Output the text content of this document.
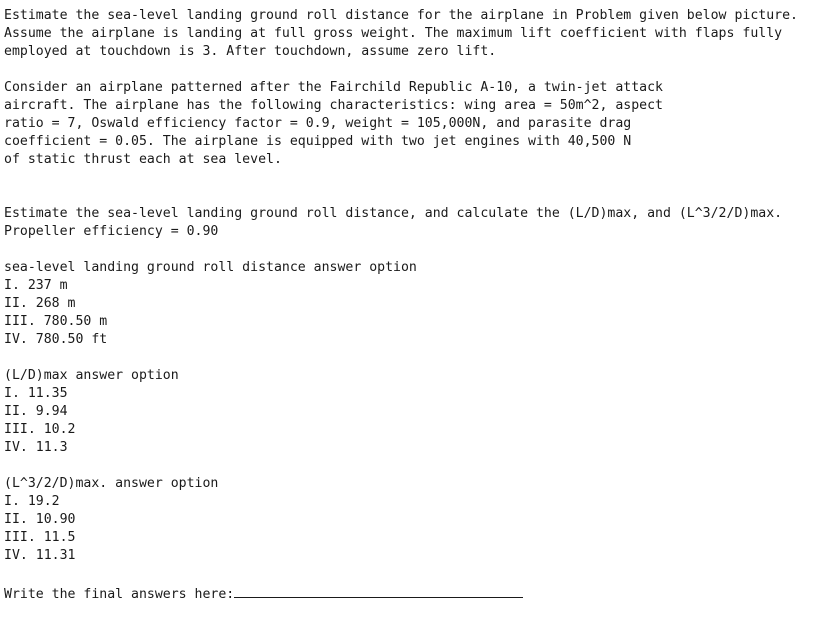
Estimate the sea-level landing ground roll distance for the airplane in Problem given below picture.
Assume the airplane is landing at full gross weight. The maximum lift coefficient with flaps fully
employed at touchdown is 3. After touchdown, assume zero lift.
Consider an airplane patterned after the Fairchild Republic A-10, a twin-jet attack
aircraft. The airplane has the following characteristics: wing area = 50m^2, aspect
ratio = 7, Oswald efficiency factor = 0.9, weight = 105,000N, and parasite drag
coefficient = 0.05. The airplane is equipped with two jet engines with 40,500 N
of static thrust each at sea level.
Estimate the sea-level landing ground roll distance, and calculate the (L/D)max, and (L^3/2/D)max.
Propeller efficiency = 0.90
sea-level landing ground roll distance answer option
I. 237 m
II. 268 m
III. 780.50 m
IV. 780.50 ft
(L/D)max answer option
I. 11.35
II. 9.94
III. 10.2
IV. 11.3
(L^3/2/D)max. answer option
I. 19.2
II. 10.90
III. 11.5
IV. 11.31
Write the final answers here:
